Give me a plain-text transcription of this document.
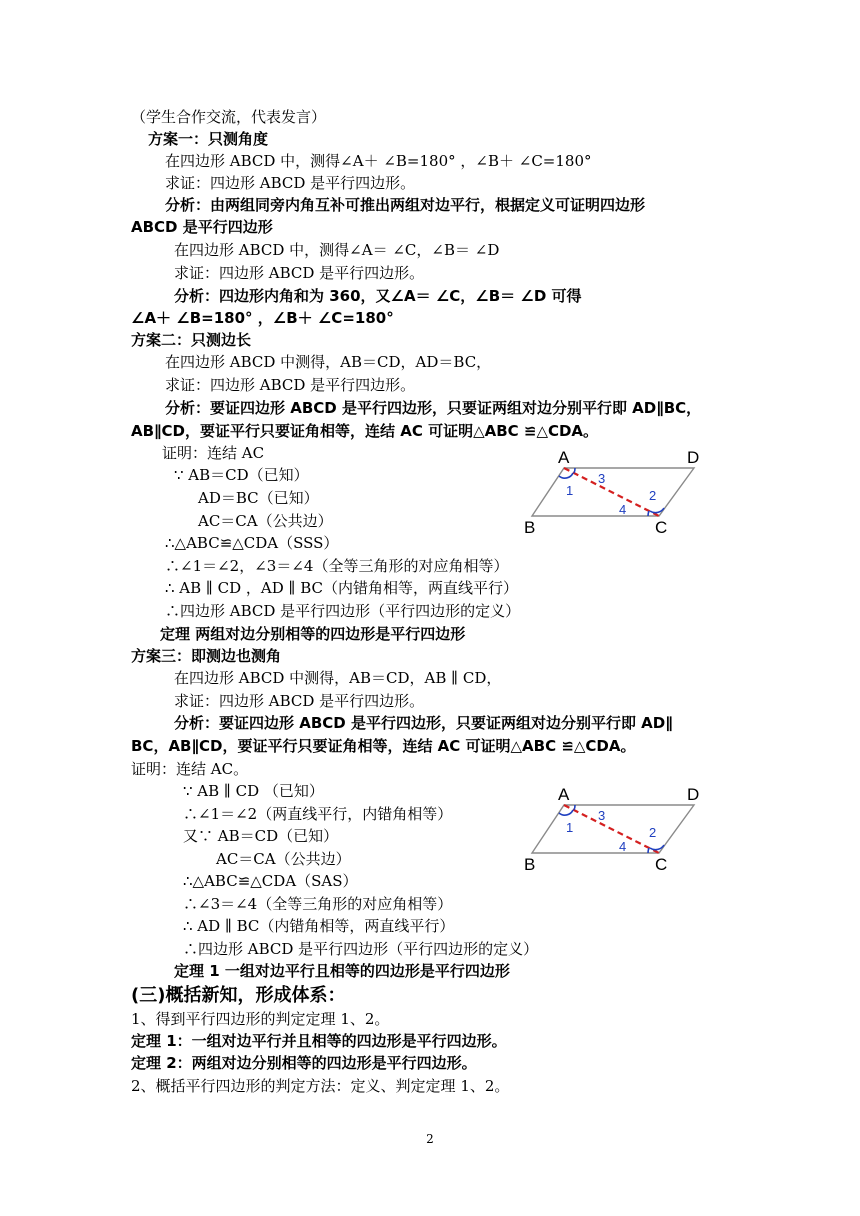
（学生合作交流，代表发言）
方案一：只测角度
在四边形 ABCD 中，测得∠A＋ ∠B=180° ，∠B＋ ∠C=180°
求证：四边形 ABCD 是平行四边形。
分析：由两组同旁内角互补可推出两组对边平行，根据定义可证明四边形
ABCD 是平行四边形
在四边形 ABCD 中，测得∠A＝ ∠C，∠B＝ ∠D
求证：四边形 ABCD 是平行四边形。
分析：四边形内角和为 360，又∠A＝ ∠C，∠B＝ ∠D 可得
∠A＋ ∠B=180° ，∠B＋ ∠C=180°
方案二：只测边长
在四边形 ABCD 中测得，AB＝CD，AD＝BC，
求证：四边形 ABCD 是平行四边形。
分析：要证四边形 ABCD 是平行四边形，只要证两组对边分别平行即 AD∥BC，
AB∥CD，要证平行只要证角相等，连结 AC 可证明△ABC ≌△CDA。
证明：连结 AC
∵ AB＝CD（已知）
AD＝BC（已知）
AC＝CA（公共边）
∴△ABC≌△CDA（SSS）
∴∠1＝∠2，∠3＝∠4（全等三角形的对应角相等）
∴ AB ∥ CD ，AD ∥ BC（内错角相等，两直线平行）
∴四边形 ABCD 是平行四边形（平行四边形的定义）
定理 两组对边分别相等的四边形是平行四边形
方案三：即测边也测角
在四边形 ABCD 中测得，AB＝CD，AB ∥ CD，
求证：四边形 ABCD 是平行四边形。
分析：要证四边形 ABCD 是平行四边形，只要证两组对边分别平行即 AD∥
BC，AB∥CD，要证平行只要证角相等，连结 AC 可证明△ABC ≌△CDA。
证明：连结 AC。
∵ AB ∥ CD （已知）
∴∠1＝∠2（两直线平行，内错角相等）
又∵ AB＝CD（已知）
AC＝CA（公共边）
∴△ABC≌△CDA（SAS）
∴∠3＝∠4（全等三角形的对应角相等）
∴ AD ∥ BC（内错角相等，两直线平行）
∴四边形 ABCD 是平行四边形（平行四边形的定义）
定理 1 一组对边平行且相等的四边形是平行四边形
(三)概括新知，形成体系：
1、得到平行四边形的判定定理 1、2。
定理 1：一组对边平行并且相等的四边形是平行四边形。
定理 2：两组对边分别相等的四边形是平行四边形。
2、概括平行四边形的判定方法：定义、判定定理 1、2。
A	D
B	C
1
3
2
4
A	D
B	C
1
3
2
4
2
